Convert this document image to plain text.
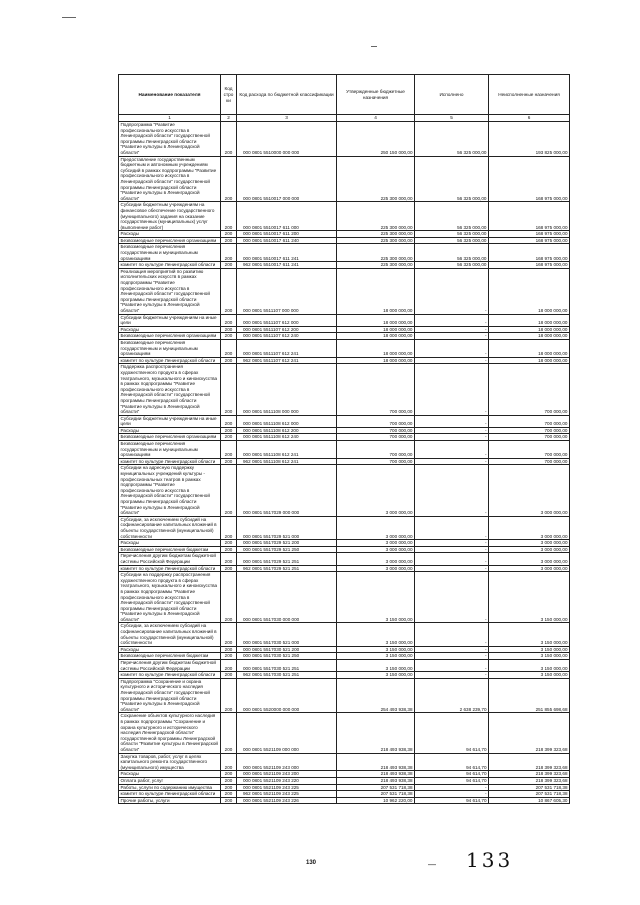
Наименование показателя	Код стро ки	Код расхода по бюджетной классификации	Утвержденные бюджетные назначения	Исполнено	Неисполненные назначения
1	2	3	4	5	6
Подпрограмма "Развитие профессионального искусства в Ленинградской области" государственной программы Ленинградской области "Развитие культуры в Ленинградской области"	200	000 0801 5510000 000 000	250 150 000,00	56 325 000,00	193 825 000,00
Предоставление государственным бюджетным и автономным учреждениям субсидий в рамках подпрограммы "Развитие профессионального искусства в Ленинградской области" государственной программы Ленинградской области "Развитие культуры в Ленинградской области"	200	000 0801 5510017 000 000	225 300 000,00	56 325 000,00	168 975 000,00
Субсидии бюджетным учреждениям на финансовое обеспечение государственного (муниципального) задания на оказание государственных (муниципальных) услуг (выполнение работ)	200	000 0801 5510017 611 000	225 300 000,00	56 325 000,00	168 975 000,00
Расходы	200	000 0801 5510017 611 200	225 300 000,00	56 325 000,00	168 975 000,00
Безвозмездные перечисления организациям	200	000 0801 5510017 611 240	225 300 000,00	56 325 000,00	168 975 000,00
Безвозмездные перечисления государственным и муниципальным организациям	200	000 0801 5510017 611 241	225 300 000,00	56 325 000,00	168 975 000,00
комитет по культуре Ленинградской области	200	962 0801 5510017 611 241	225 300 000,00	56 325 000,00	168 975 000,00
Реализация мероприятий по развитию исполнительских искусств в рамках подпрограммы "Развитие профессионального искусства в Ленинградской области" государственной программы Ленинградской области "Развитие культуры в Ленинградской области"	200	000 0801 5511107 000 000	18 000 000,00	-	18 000 000,00
Субсидии бюджетным учреждениям на иные цели	200	000 0801 5511107 612 000	18 000 000,00	-	18 000 000,00
Расходы	200	000 0801 5511107 612 200	18 000 000,00	-	18 000 000,00
Безвозмездные перечисления организациям	200	000 0801 5511107 612 240	18 000 000,00	-	18 000 000,00
Безвозмездные перечисления государственным и муниципальным организациям	200	000 0801 5511107 612 241	18 000 000,00	-	18 000 000,00
комитет по культуре Ленинградской области	200	962 0801 5511107 612 241	18 000 000,00	-	18 000 000,00
Поддержка распространения художественного продукта в сферах театрального, музыкального и киноискусства в рамках подпрограммы "Развитие профессионального искусства в Ленинградской области" государственной программы Ленинградской области "Развитие культуры в Ленинградской области"	200	000 0801 5511108 000 000	700 000,00	-	700 000,00
Субсидии бюджетным учреждениям на иные цели	200	000 0801 5511108 612 000	700 000,00	-	700 000,00
Расходы	200	000 0801 5511108 612 200	700 000,00	-	700 000,00
Безвозмездные перечисления организациям	200	000 0801 5511108 612 240	700 000,00	-	700 000,00
Безвозмездные перечисления государственным и муниципальным организациям	200	000 0801 5511108 612 241	700 000,00	-	700 000,00
комитет по культуре Ленинградской области	200	962 0801 5511108 612 241	700 000,00	-	700 000,00
Субсидии на адресную поддержку муниципальных учреждений культуры - профессиональных театров в рамках подпрограммы "Развитие профессионального искусства в Ленинградской области" государственной программы Ленинградской области "Развитие культуры в Ленинградской области"	200	000 0801 5517029 000 000	3 000 000,00	-	3 000 000,00
Субсидии, за исключением субсидий на софинансирование капитальных вложений в объекты государственной (муниципальной) собственности	200	000 0801 5517029 521 000	3 000 000,00	-	3 000 000,00
Расходы	200	000 0801 5517029 521 200	3 000 000,00	-	3 000 000,00
Безвозмездные перечисления бюджетам	200	000 0801 5517029 521 250	3 000 000,00	-	3 000 000,00
Перечисления другим бюджетам бюджетной системы Российской Федерации	200	000 0801 5517029 521 251	3 000 000,00	-	3 000 000,00
комитет по культуре Ленинградской области	200	962 0801 5517029 521 251	3 000 000,00	-	3 000 000,00
Субсидии на поддержку распространения художественного продукта в сферах театрального, музыкального и киноискусства в рамках подпрограммы "Развитие профессионального искусства в Ленинградской области" государственной программы Ленинградской области "Развитие культуры в Ленинградской области"	200	000 0801 5517030 000 000	3 150 000,00	-	3 150 000,00
Субсидии, за исключением субсидий на софинансирование капитальных вложений в объекты государственной (муниципальной) собственности	200	000 0801 5517030 521 000	3 150 000,00	-	3 150 000,00
Расходы	200	000 0801 5517030 521 200	3 150 000,00	-	3 150 000,00
Безвозмездные перечисления бюджетам	200	000 0801 5517030 521 250	3 150 000,00	-	3 150 000,00
Перечисления другим бюджетам бюджетной системы Российской Федерации	200	000 0801 5517030 521 251	3 150 000,00	-	3 150 000,00
комитет по культуре Ленинградской области	200	962 0801 5517030 521 251	3 150 000,00	-	3 150 000,00
Подпрограмма "Сохранение и охрана культурного и исторического наследия Ленинградской области" государственной программы Ленинградской области "Развитие культуры в Ленинградской области"	200	000 0801 5520000 000 000	254 493 938,38	2 638 239,70	251 855 698,68
Сохранение объектов культурного наследия в рамках подпрограммы "Сохранение и охрана культурного и исторического наследия Ленинградской области" государственной программы Ленинградской области "Развитие культуры в Ленинградской области"	200	000 0801 5521109 000 000	218 493 938,38	94 614,70	218 399 323,68
Закупка товаров, работ, услуг в целях капитального ремонта государственного (муниципального) имущества	200	000 0801 5521109 243 000	218 493 938,38	94 614,70	218 399 323,68
Расходы	200	000 0801 5521109 243 200	218 493 938,38	94 614,70	218 399 323,68
Оплата работ, услуг	200	000 0801 5521109 243 220	218 493 938,38	94 614,70	218 399 323,68
Работы, услуги по содержанию имущества	200	000 0801 5521109 243 225	207 531 718,38	-	207 531 718,38
комитет по культуре Ленинградской области	200	962 0801 5521109 243 225	207 531 718,38	-	207 531 718,38
Прочие работы, услуги	200	000 0801 5521109 243 226	10 962 220,00	94 614,70	10 867 605,30
130	— 133
